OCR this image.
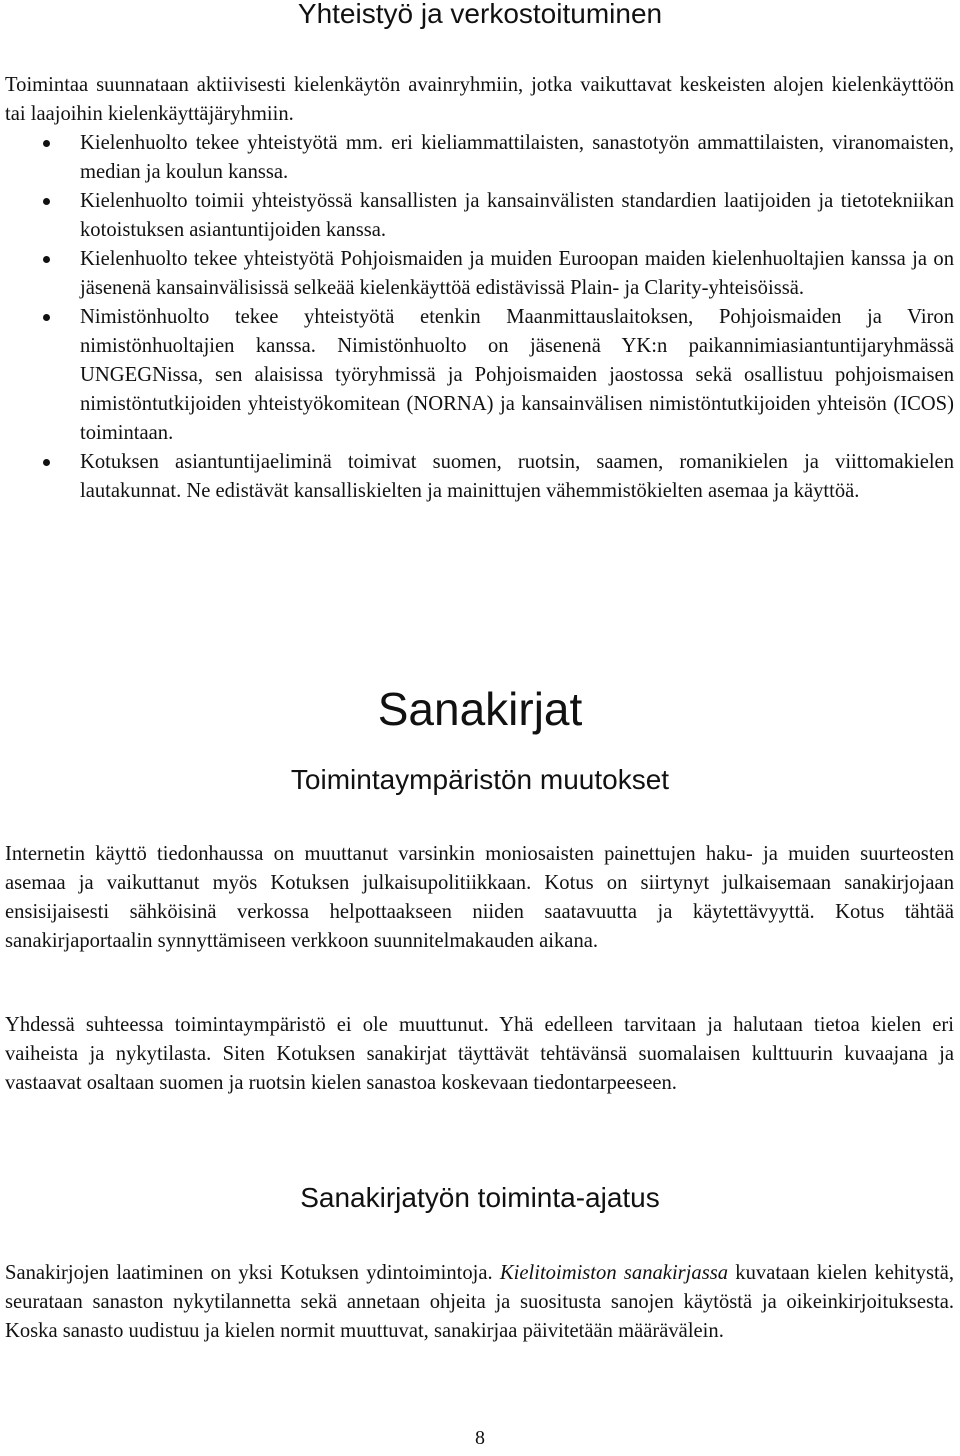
Yhteistyö ja verkostoituminen

Toimintaa suunnataan aktiivisesti kielenkäytön avainryhmiin, jotka vaikuttavat keskeisten alojen kielenkäyttöön tai laajoihin kielenkäyttäjäryhmiin.

Kielenhuolto tekee yhteistyötä mm. eri kieliammattilaisten, sanastotyön ammattilaisten, viranomaisten, median ja koulun kanssa.
Kielenhuolto toimii yhteistyössä kansallisten ja kansainvälisten standardien laatijoiden ja tietotekniikan kotoistuksen asiantuntijoiden kanssa.
Kielenhuolto tekee yhteistyötä Pohjoismaiden ja muiden Euroopan maiden kielenhuoltajien kanssa ja on jäsenenä kansainvälisissä selkeää kielenkäyttöä edistävissä Plain- ja Clarity-yhteisöissä.
Nimistönhuolto tekee yhteistyötä etenkin Maanmittauslaitoksen, Pohjoismaiden ja Viron nimistönhuoltajien kanssa. Nimistönhuolto on jäsenenä YK:n paikannimiasiantuntijaryhmässä UNGEGNissa, sen alaisissa työryhmissä ja Pohjoismaiden jaostossa sekä osallistuu pohjoismaisen nimistöntutkijoiden yhteistyökomitean (NORNA) ja kansainvälisen nimistöntutkijoiden yhteisön (ICOS) toimintaan.
Kotuksen asiantuntijaeliminä toimivat suomen, ruotsin, saamen, romanikielen ja viittomakielen lautakunnat. Ne edistävät kansalliskielten ja mainittujen vähemmistökielten asemaa ja käyttöä.
Sanakirjat
Toimintaympäristön muutokset

Internetin käyttö tiedonhaussa on muuttanut varsinkin moniosaisten painettujen haku- ja muiden suurteosten asemaa ja vaikuttanut myös Kotuksen julkaisupolitiikkaan. Kotus on siirtynyt julkaisemaan sanakirjojaan ensisijaisesti sähköisinä verkossa helpottaakseen niiden saatavuutta ja käytettävyyttä. Kotus tähtää sanakirjaportaalin synnyttämiseen verkkoon suunnitelmakauden aikana.

Yhdessä suhteessa toimintaympäristö ei ole muuttunut. Yhä edelleen tarvitaan ja halutaan tietoa kielen eri vaiheista ja nykytilasta. Siten Kotuksen sanakirjat täyttävät tehtävänsä suomalaisen kulttuurin kuvaajana ja vastaavat osaltaan suomen ja ruotsin kielen sanastoa koskevaan tiedontarpeeseen.

Sanakirjatyön toiminta-ajatus

Sanakirjojen laatiminen on yksi Kotuksen ydintoimintoja. Kielitoimiston sanakirjassa kuvataan kielen kehitystä, seurataan sanaston nykytilannetta sekä annetaan ohjeita ja suositusta sanojen käytöstä ja oikeinkirjoituksesta. Koska sanasto uudistuu ja kielen normit muuttuvat, sanakirjaa päivitetään määrävälein.

8
